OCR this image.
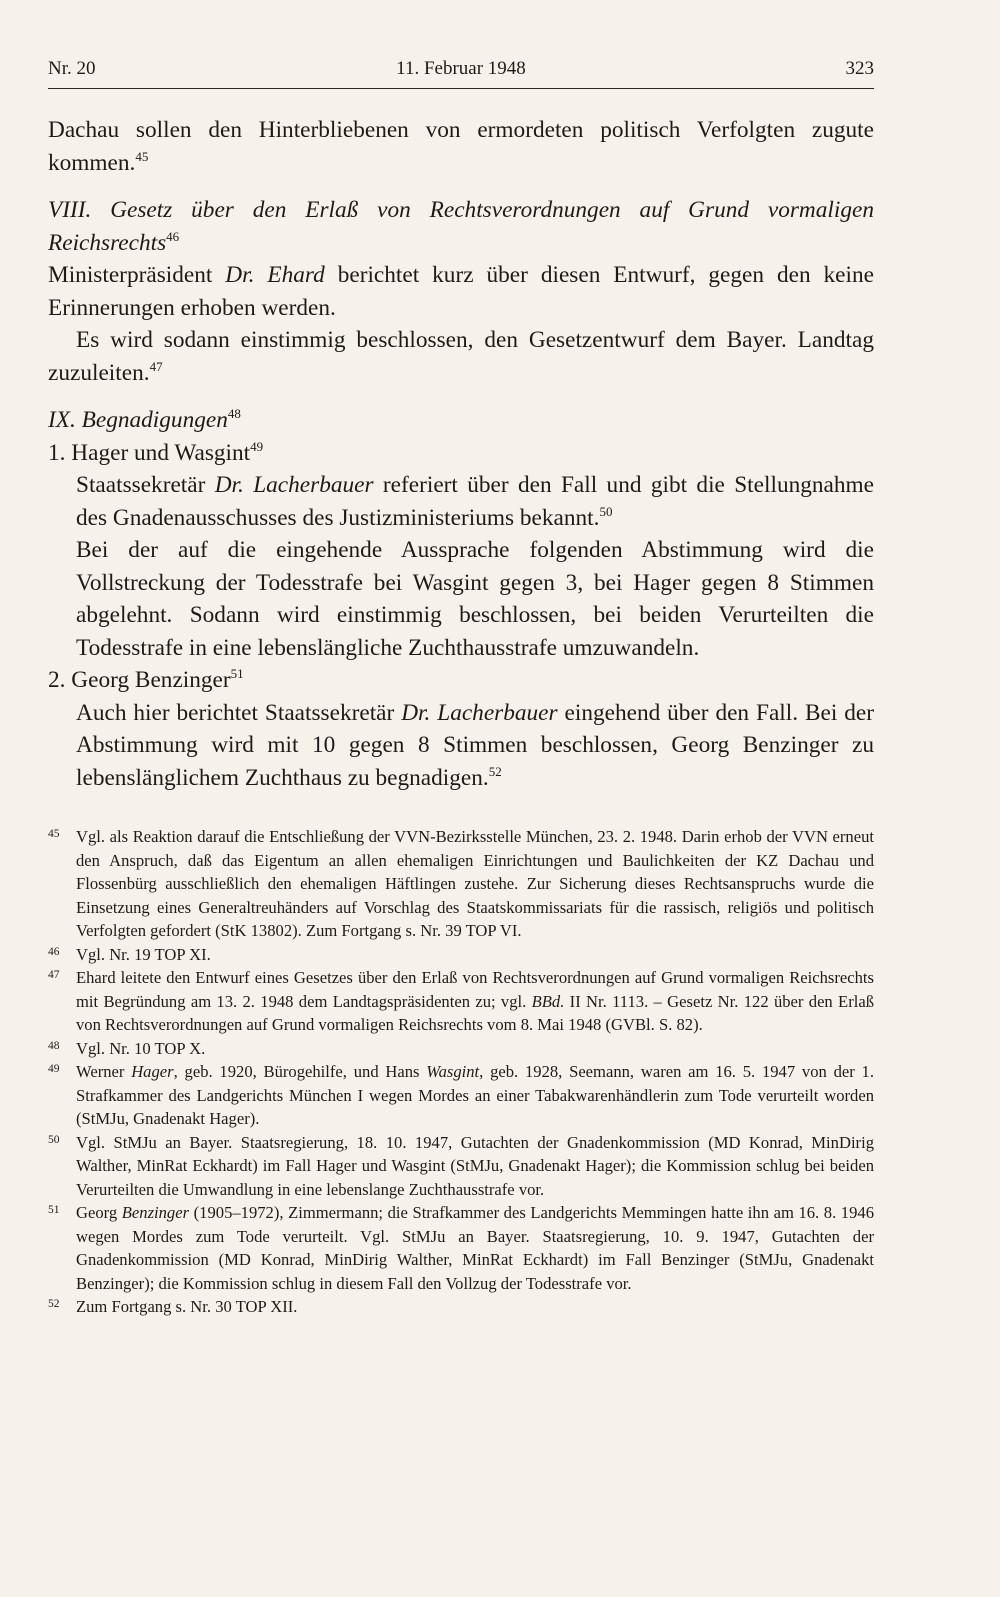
Nr. 20	11. Februar 1948	323

Dachau sollen den Hinterbliebenen von ermordeten politisch Verfolgten zugute kommen.$^{45}$

VIII. Gesetz über den Erlaß von Rechtsverordnungen auf Grund vormaligen Reichsrechts$^{46}$

Ministerpräsident Dr. Ehard berichtet kurz über diesen Entwurf, gegen den keine Erinnerungen erhoben werden.

Es wird sodann einstimmig beschlossen, den Gesetzentwurf dem Bayer. Landtag zuzuleiten.$^{47}$

IX. Begnadigungen$^{48}$

1. Hager und Wasgint$^{49}$

Staatssekretär Dr. Lacherbauer referiert über den Fall und gibt die Stellungnahme des Gnadenausschusses des Justizministeriums bekannt.$^{50}$

Bei der auf die eingehende Aussprache folgenden Abstimmung wird die Vollstreckung der Todesstrafe bei Wasgint gegen 3, bei Hager gegen 8 Stimmen abgelehnt. Sodann wird einstimmig beschlossen, bei beiden Verurteilten die Todesstrafe in eine lebenslängliche Zuchthausstrafe umzuwandeln.

2. Georg Benzinger$^{51}$

Auch hier berichtet Staatssekretär Dr. Lacherbauer eingehend über den Fall. Bei der Abstimmung wird mit 10 gegen 8 Stimmen beschlossen, Georg Benzinger zu lebenslänglichem Zuchthaus zu begnadigen.$^{52}$

45 Vgl. als Reaktion darauf die Entschließung der VVN-Bezirksstelle München, 23. 2. 1948. Darin erhob der VVN erneut den Anspruch, daß das Eigentum an allen ehemaligen Einrichtungen und Baulichkeiten der KZ Dachau und Flossenbürg ausschließlich den ehemaligen Häftlingen zustehe. Zur Sicherung dieses Rechtsanspruchs wurde die Einsetzung eines Generaltreuhänders auf Vorschlag des Staatskommissariats für die rassisch, religiös und politisch Verfolgten gefordert (StK 13802). Zum Fortgang s. Nr. 39 TOP VI.

46 Vgl. Nr. 19 TOP XI.

47 Ehard leitete den Entwurf eines Gesetzes über den Erlaß von Rechtsverordnungen auf Grund vormaligen Reichsrechts mit Begründung am 13. 2. 1948 dem Landtagspräsidenten zu; vgl. BBd. II Nr. 1113. – Gesetz Nr. 122 über den Erlaß von Rechtsverordnungen auf Grund vormaligen Reichsrechts vom 8. Mai 1948 (GVBl. S. 82).

48 Vgl. Nr. 10 TOP X.

49 Werner Hager, geb. 1920, Bürogehilfe, und Hans Wasgint, geb. 1928, Seemann, waren am 16. 5. 1947 von der 1. Strafkammer des Landgerichts München I wegen Mordes an einer Tabakwarenhändlerin zum Tode verurteilt worden (StMJu, Gnadenakt Hager).

50 Vgl. StMJu an Bayer. Staatsregierung, 18. 10. 1947, Gutachten der Gnadenkommission (MD Konrad, MinDirig Walther, MinRat Eckhardt) im Fall Hager und Wasgint (StMJu, Gnadenakt Hager); die Kommission schlug bei beiden Verurteilten die Umwandlung in eine lebenslange Zuchthausstrafe vor.

51 Georg Benzinger (1905–1972), Zimmermann; die Strafkammer des Landgerichts Memmingen hatte ihn am 16. 8. 1946 wegen Mordes zum Tode verurteilt. Vgl. StMJu an Bayer. Staatsregierung, 10. 9. 1947, Gutachten der Gnadenkommission (MD Konrad, MinDirig Walther, MinRat Eckhardt) im Fall Benzinger (StMJu, Gnadenakt Benzinger); die Kommission schlug in diesem Fall den Vollzug der Todesstrafe vor.

52 Zum Fortgang s. Nr. 30 TOP XII.
